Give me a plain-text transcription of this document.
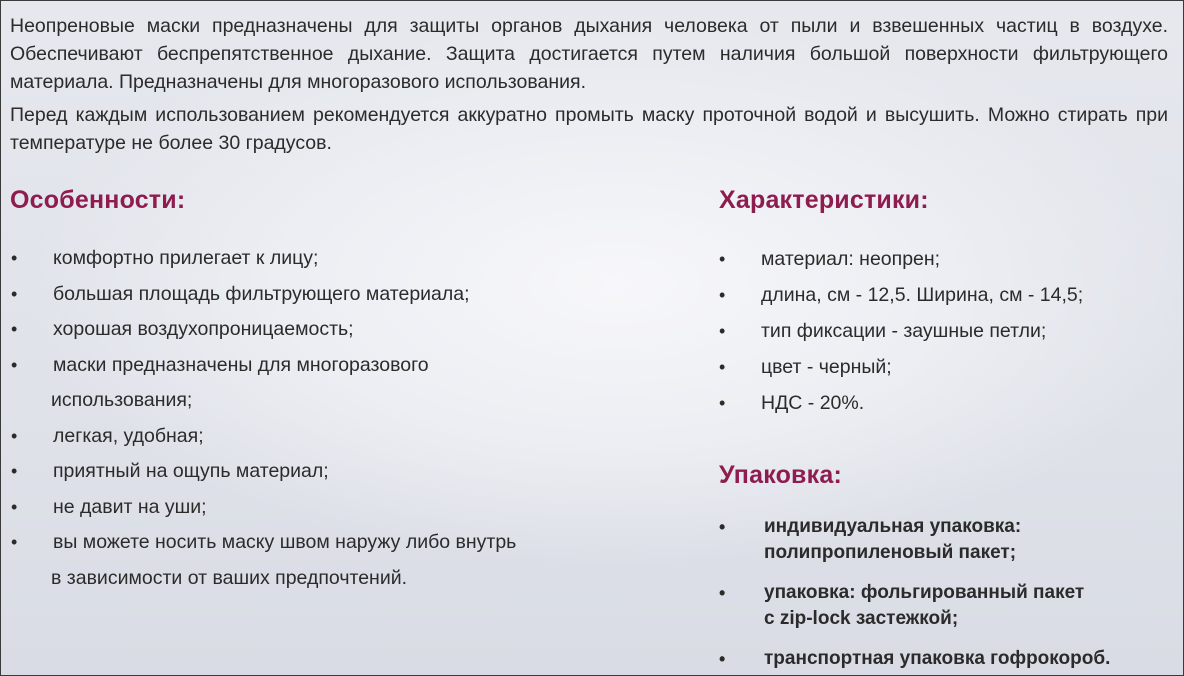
Неопреновые маски предназначены для защиты органов дыхания человека от пыли и взвешенных частиц в воздухе. Обеспечивают беспрепятственное дыхание. Защита достигается путем наличия большой поверхности фильтрующего материала. Предназначены для многоразового использования.

Перед каждым использованием рекомендуется аккуратно промыть маску проточной водой и высушить. Можно стирать при температуре не более 30 градусов.

Особенности:
• комфортно прилегает к лицу;
• большая площадь фильтрующего материала;
• хорошая воздухопроницаемость;
• маски предназначены для многоразового
использования;
• легкая, удобная;
• приятный на ощупь материал;
• не давит на уши;
• вы можете носить маску швом наружу либо внутрь
в зависимости от ваших предпочтений.
Характеристики:
• материал: неопрен;
• длина, см - 12,5. Ширина, см - 14,5;
• тип фиксации - заушные петли;
• цвет - черный;
• НДС - 20%.
Упаковка:
• индивидуальная упаковка:
полипропиленовый пакет;
• упаковка: фольгированный пакет
с zip-lock застежкой;
• транспортная упаковка гофрокороб.
